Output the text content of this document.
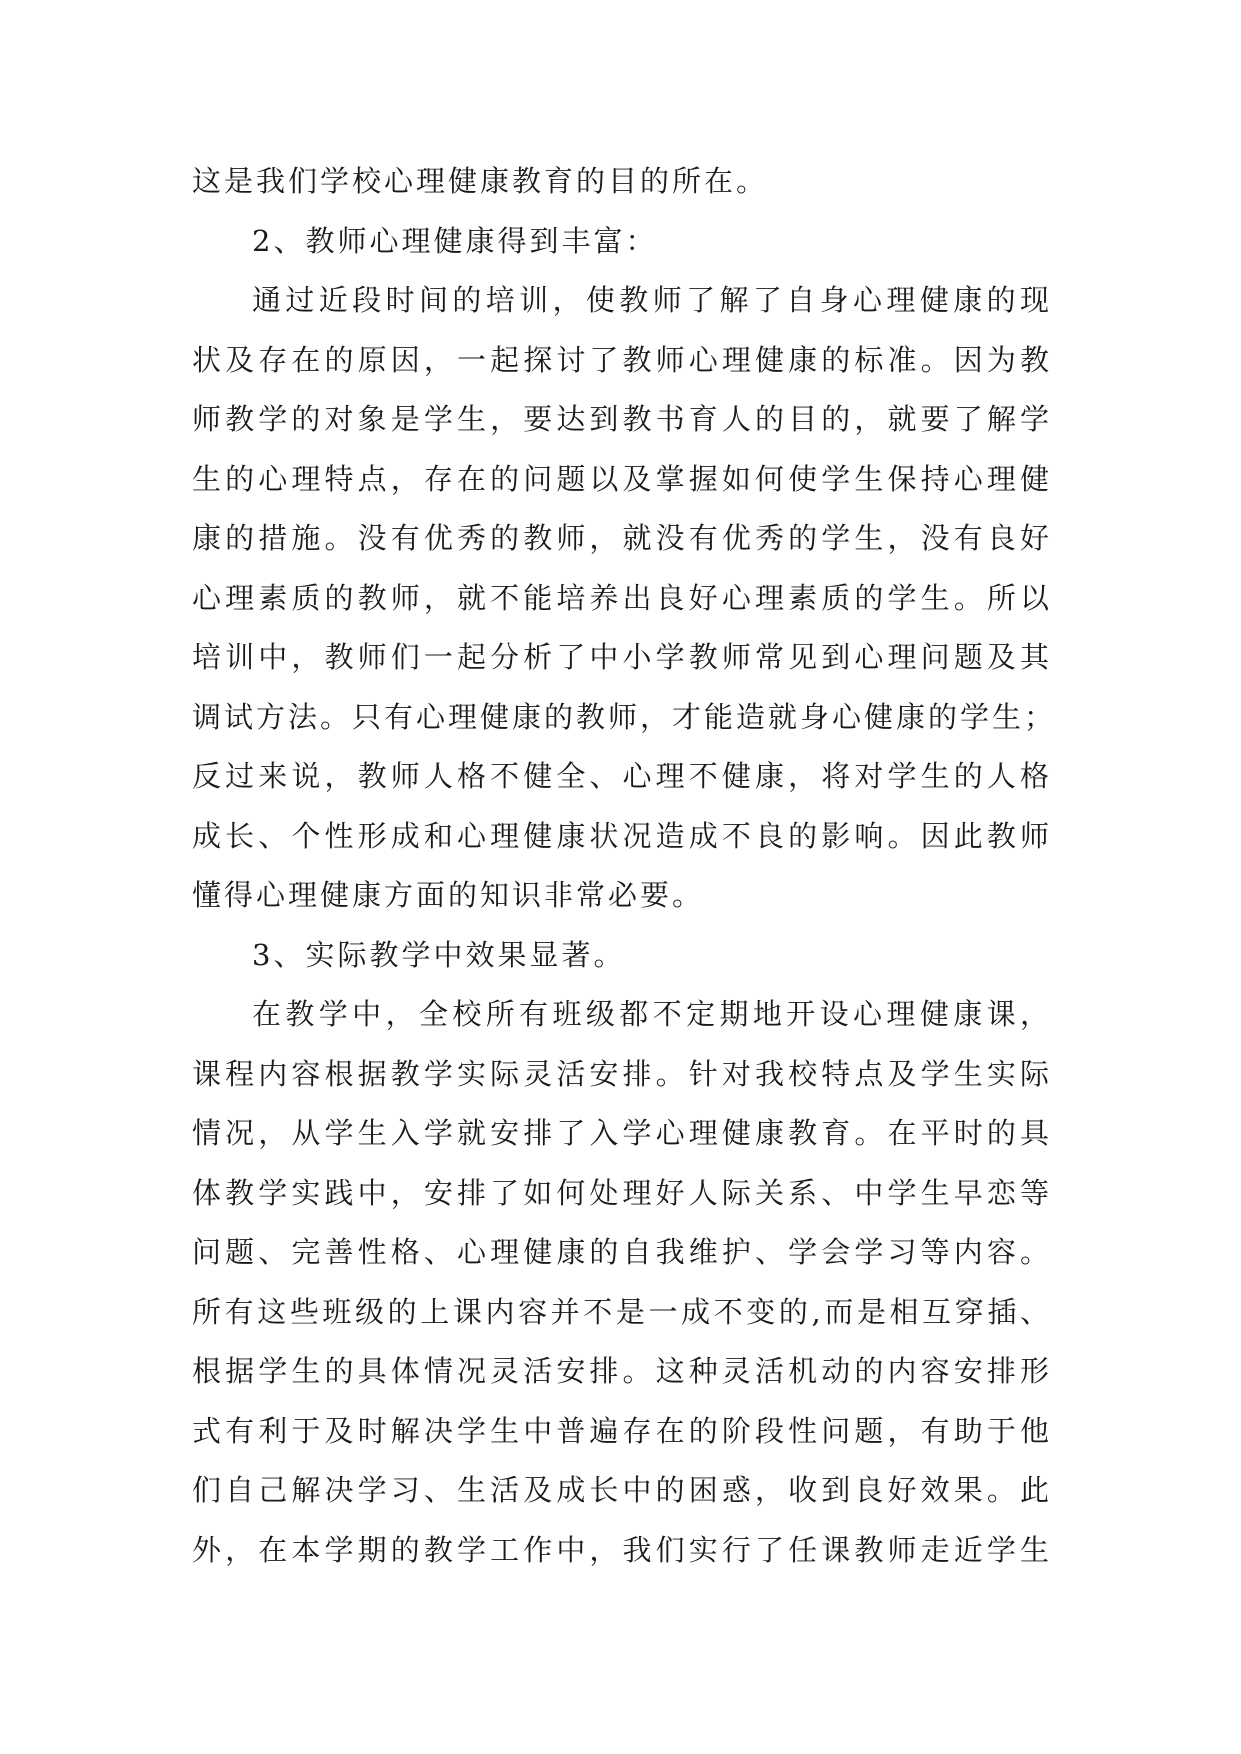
这是我们学校心理健康教育的目的所在。
2、教师心理健康得到丰富：
通过近段时间的培训，使教师了解了自身心理健康的现
状及存在的原因，一起探讨了教师心理健康的标准。因为教
师教学的对象是学生，要达到教书育人的目的，就要了解学
生的心理特点，存在的问题以及掌握如何使学生保持心理健
康的措施。没有优秀的教师，就没有优秀的学生，没有良好
心理素质的教师，就不能培养出良好心理素质的学生。所以
培训中，教师们一起分析了中小学教师常见到心理问题及其
调试方法。只有心理健康的教师，才能造就身心健康的学生；
反过来说，教师人格不健全、心理不健康，将对学生的人格
成长、个性形成和心理健康状况造成不良的影响。因此教师
懂得心理健康方面的知识非常必要。
3、实际教学中效果显著。
在教学中，全校所有班级都不定期地开设心理健康课，
课程内容根据教学实际灵活安排。针对我校特点及学生实际
情况，从学生入学就安排了入学心理健康教育。在平时的具
体教学实践中，安排了如何处理好人际关系、中学生早恋等
问题、完善性格、心理健康的自我维护、学会学习等内容。
所有这些班级的上课内容并不是一成不变的,而是相互穿插、
根据学生的具体情况灵活安排。这种灵活机动的内容安排形
式有利于及时解决学生中普遍存在的阶段性问题，有助于他
们自己解决学习、生活及成长中的困惑，收到良好效果。此
外，在本学期的教学工作中，我们实行了任课教师走近学生
